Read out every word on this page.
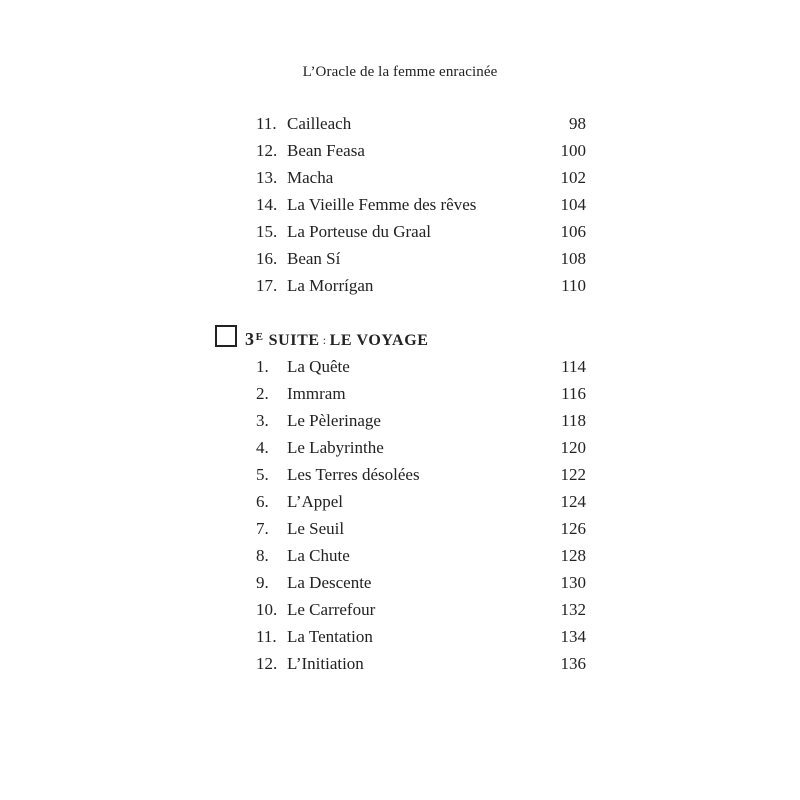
L’Oracle de la femme enracinée
11. Cailleach	98
12. Bean Feasa	100
13. Macha	102
14. La Vieille Femme des rêves	104
15. La Porteuse du Graal	106
16. Bean Sí	108
17. La Morrígan	110
$3^E$ SUITE : LE VOYAGE
1. La Quête	114
2. Immram	116
3. Le Pèlerinage	118
4. Le Labyrinthe	120
5. Les Terres désolées	122
6. L’Appel	124
7. Le Seuil	126
8. La Chute	128
9. La Descente	130
10. Le Carrefour	132
11. La Tentation	134
12. L’Initiation	136
